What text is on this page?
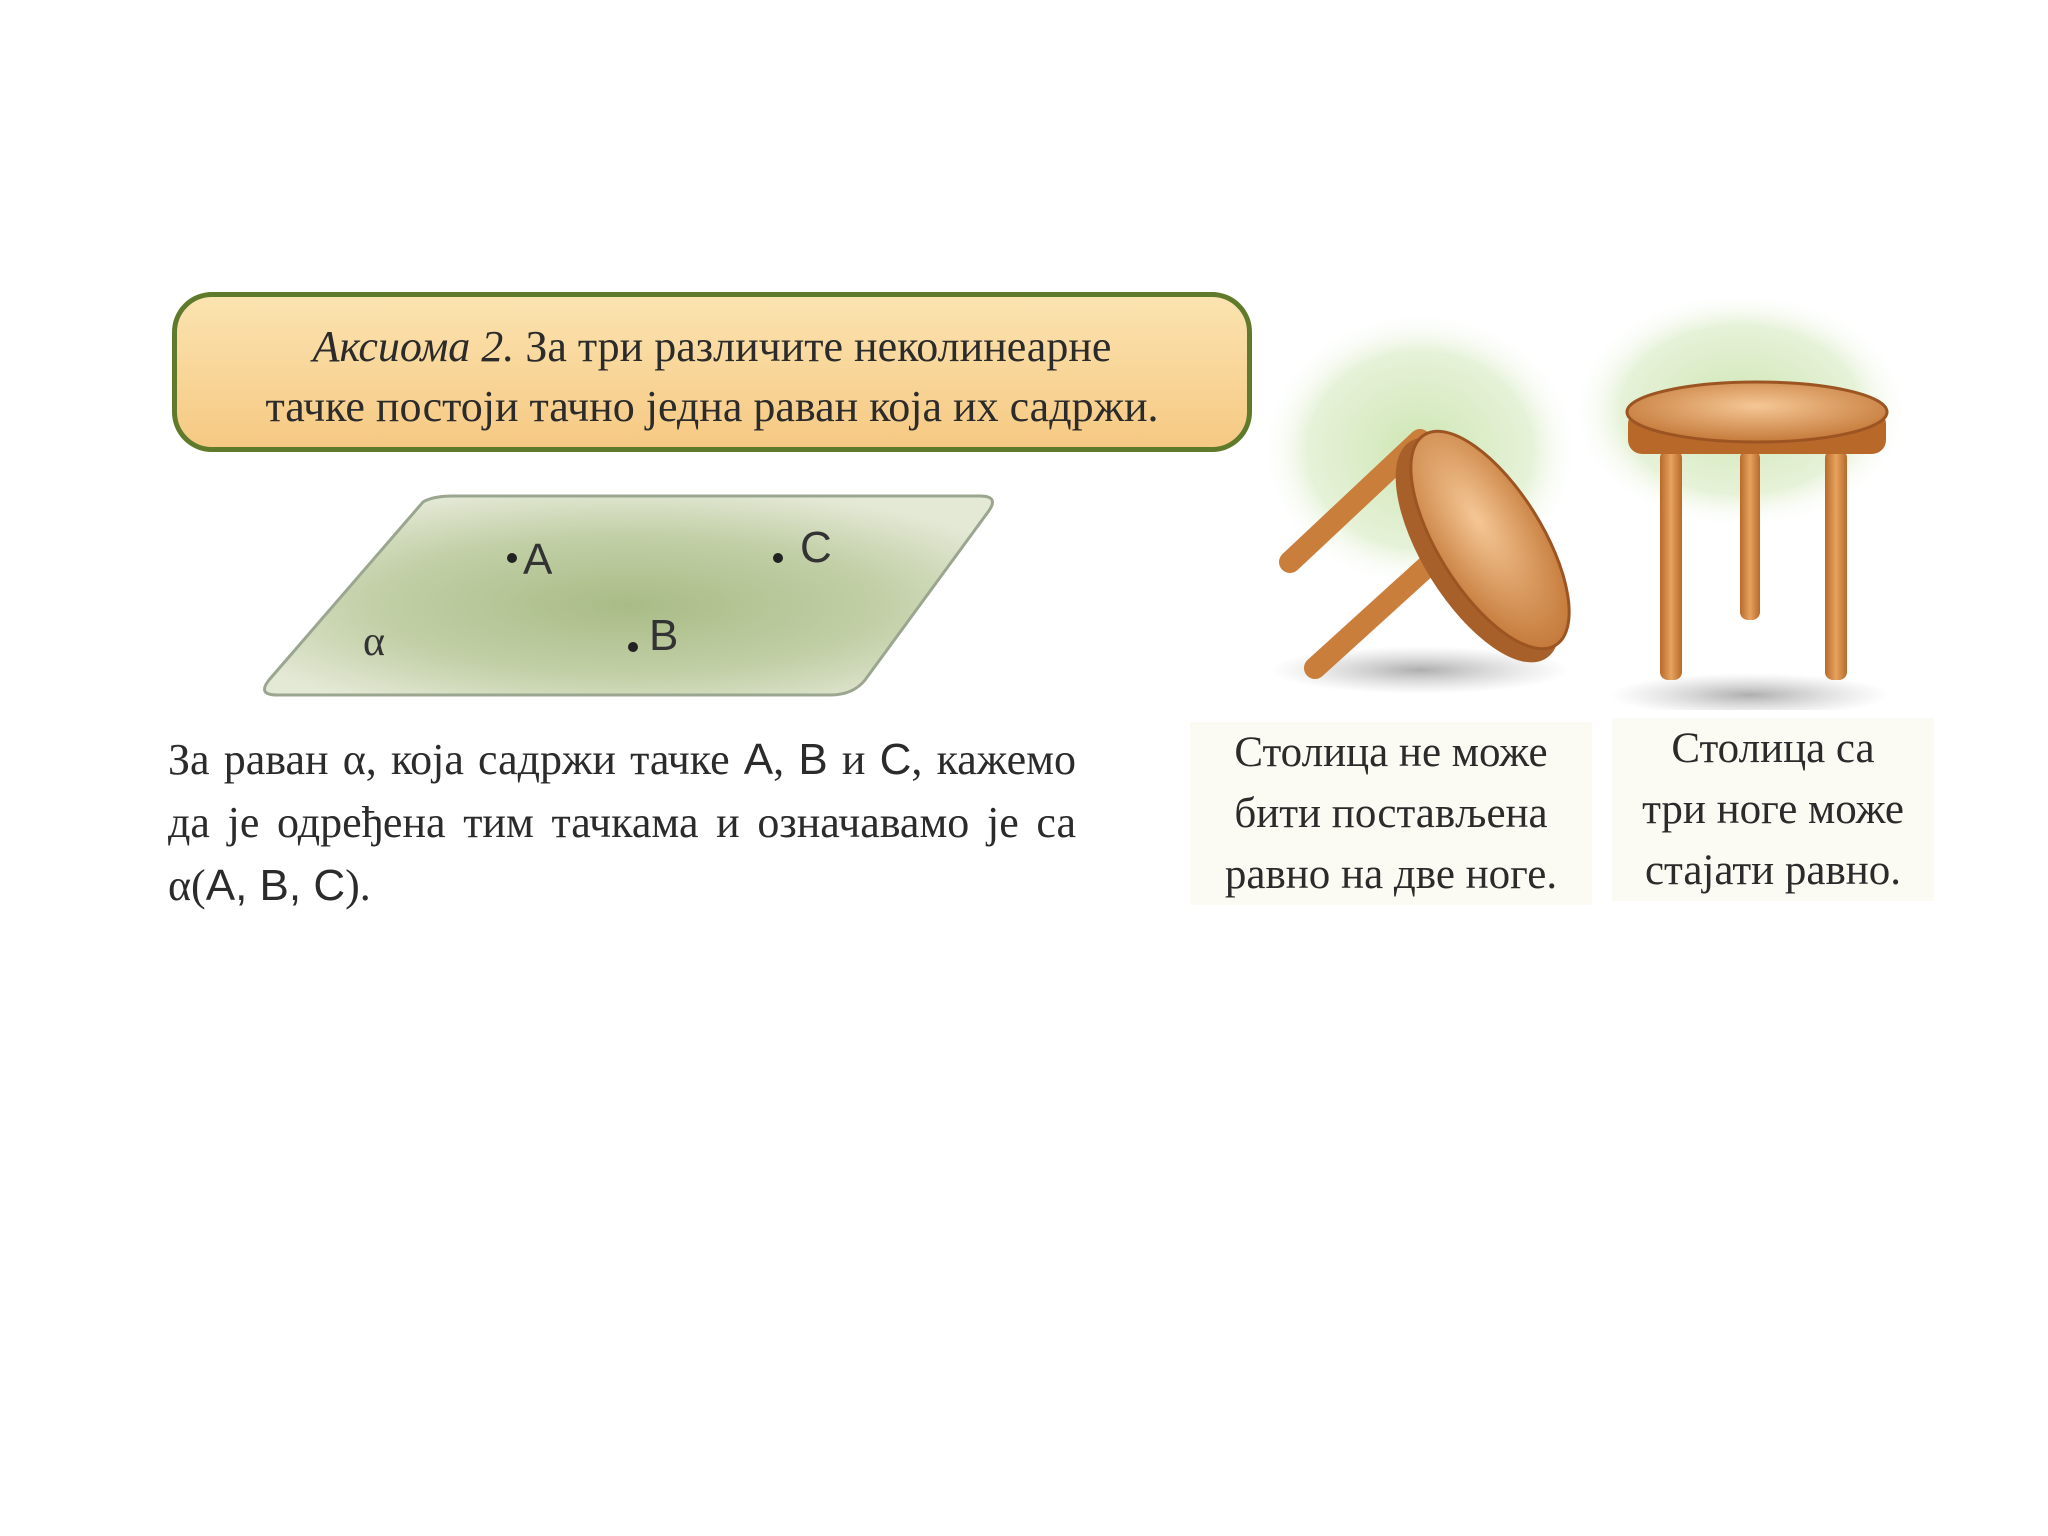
Аксиома 2. За три различите неколинеарне
тачке постоји тачно једна раван која их садржи.
A	C
B
α
За раван α, која садржи тачке A, B и C, кажемо да је одређена тим тачкама и означавамо је са α(A, B, C).
Столица не може
бити постављена
равно на две ноге.
Столица са
три ноге може
стајати равно.
